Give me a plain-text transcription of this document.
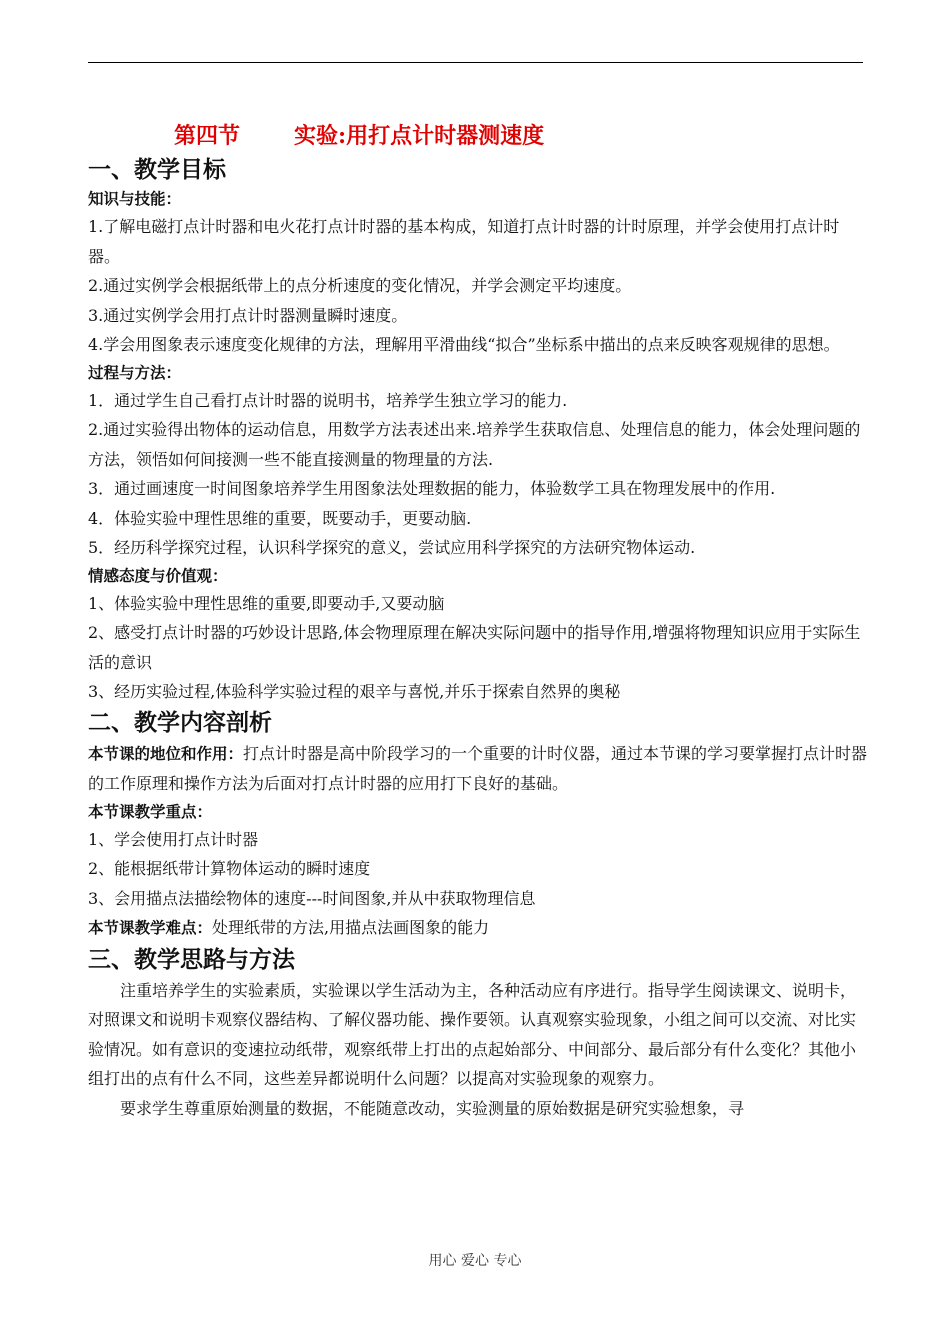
第四节 实验:用打点计时器测速度
一、教学目标
知识与技能：
1.了解电磁打点计时器和电火花打点计时器的基本构成，知道打点计时器的计时原理，并学会使用打点计时器。
2.通过实例学会根据纸带上的点分析速度的变化情况，并学会测定平均速度。
3.通过实例学会用打点计时器测量瞬时速度。
4.学会用图象表示速度变化规律的方法，理解用平滑曲线“拟合”坐标系中描出的点来反映客观规律的思想。
过程与方法：
1．通过学生自己看打点计时器的说明书，培养学生独立学习的能力.
2.通过实验得出物体的运动信息，用数学方法表述出来.培养学生获取信息、处理信息的能力，体会处理问题的方法，领悟如何间接测一些不能直接测量的物理量的方法.
3．通过画速度一时间图象培养学生用图象法处理数据的能力，体验数学工具在物理发展中的作用.
4．体验实验中理性思维的重要，既要动手，更要动脑.
5．经历科学探究过程，认识科学探究的意义，尝试应用科学探究的方法研究物体运动.
情感态度与价值观：
1、体验实验中理性思维的重要,即要动手,又要动脑
2、感受打点计时器的巧妙设计思路,体会物理原理在解决实际问题中的指导作用,增强将物理知识应用于实际生活的意识
3、经历实验过程,体验科学实验过程的艰辛与喜悦,并乐于探索自然界的奥秘
二、教学内容剖析
本节课的地位和作用：打点计时器是高中阶段学习的一个重要的计时仪器，通过本节课的学习要掌握打点计时器的工作原理和操作方法为后面对打点计时器的应用打下良好的基础。
本节课教学重点：
1、学会使用打点计时器
2、能根据纸带计算物体运动的瞬时速度
3、会用描点法描绘物体的速度---时间图象,并从中获取物理信息
本节课教学难点：处理纸带的方法,用描点法画图象的能力
三、教学思路与方法
注重培养学生的实验素质，实验课以学生活动为主，各种活动应有序进行。指导学生阅读课文、说明卡，对照课文和说明卡观察仪器结构、了解仪器功能、操作要领。认真观察实验现象，小组之间可以交流、对比实验情况。如有意识的变速拉动纸带，观察纸带上打出的点起始部分、中间部分、最后部分有什么变化？其他小组打出的点有什么不同，这些差异都说明什么问题？以提高对实验现象的观察力。
要求学生尊重原始测量的数据，不能随意改动，实验测量的原始数据是研究实验想象，寻
用心 爱心 专心
